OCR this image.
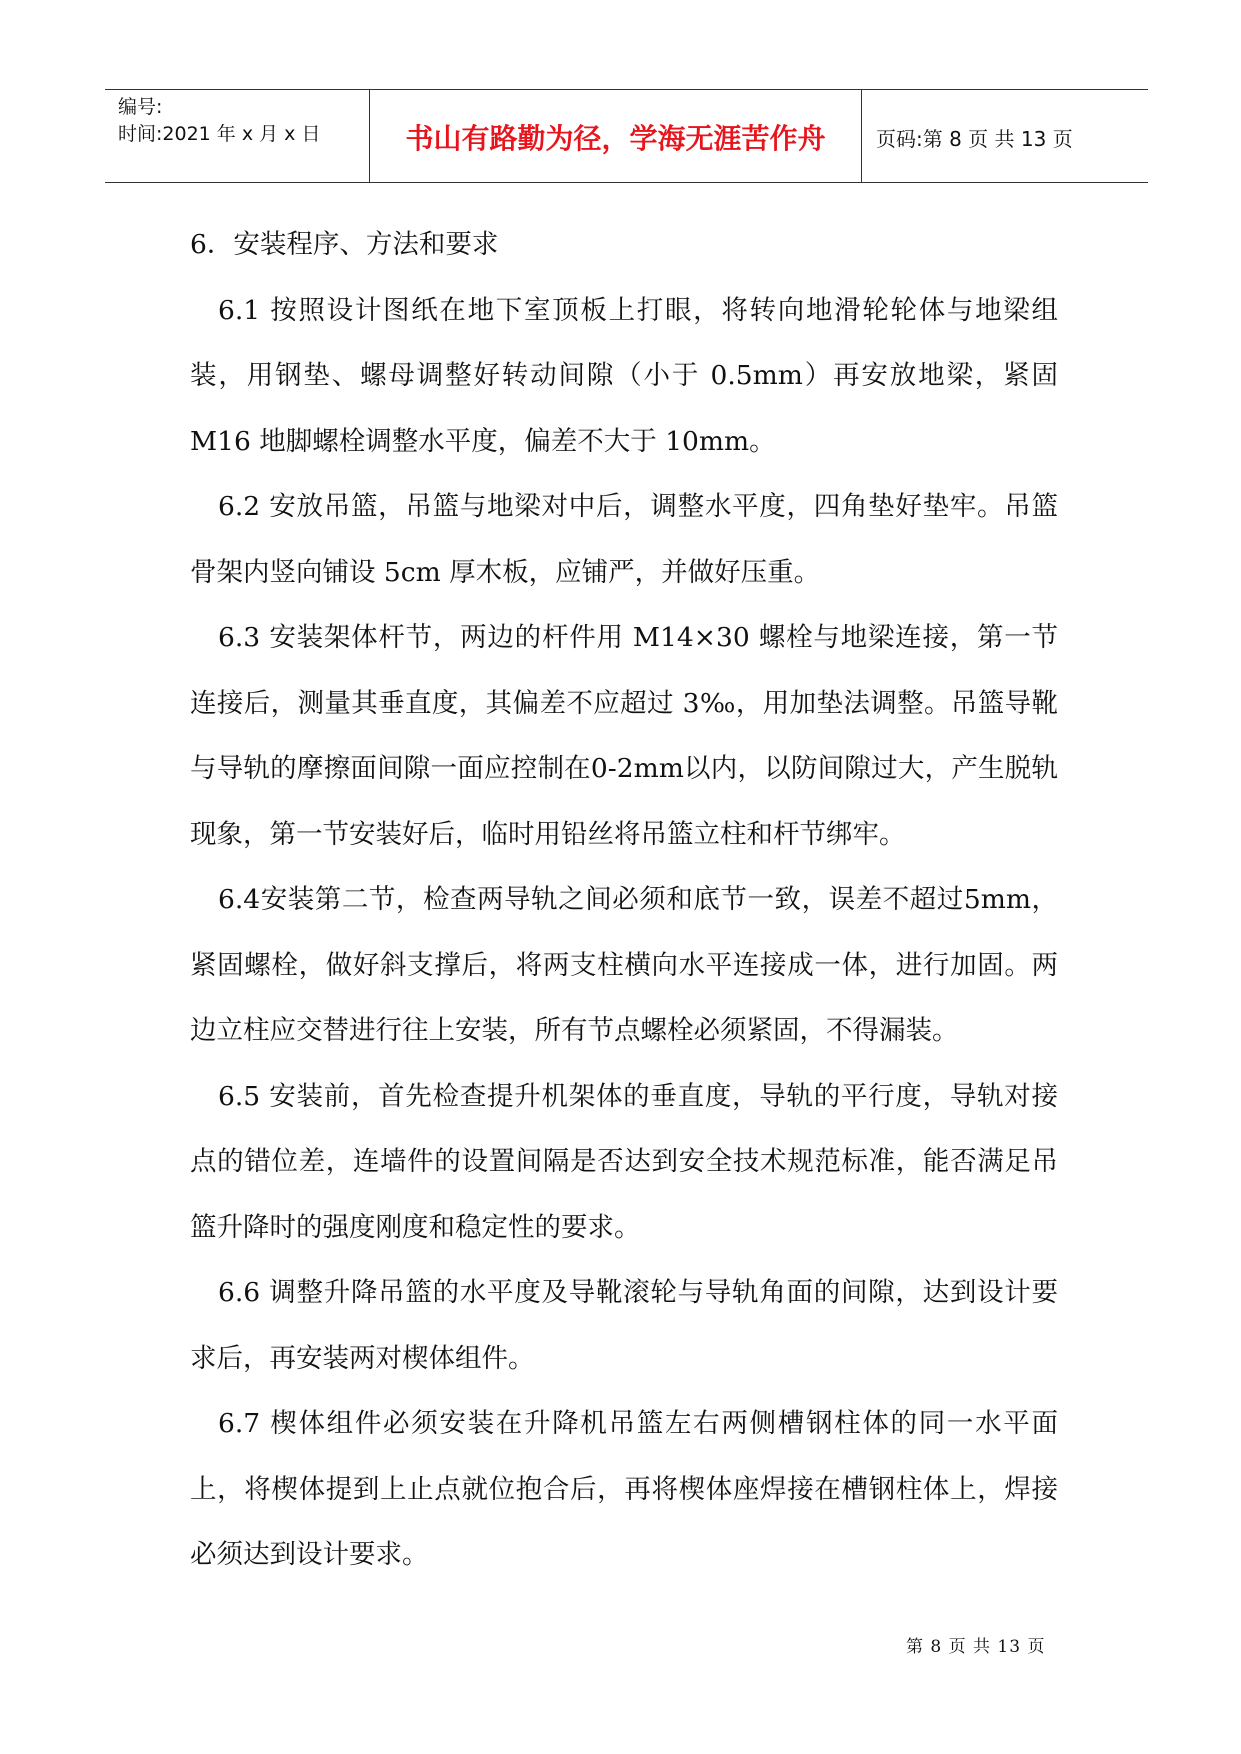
编号:
时间:2021 年 x 月 x 日	书山有路勤为径，学海无涯苦作舟	页码:第 8 页 共 13 页

6．安装程序、方法和要求

6.1 按照设计图纸在地下室顶板上打眼，将转向地滑轮轮体与地梁组装，用钢垫、螺母调整好转动间隙（小于 0.5mm）再安放地梁，紧固 M16 地脚螺栓调整水平度，偏差不大于 10mm。

6.2 安放吊篮，吊篮与地梁对中后，调整水平度，四角垫好垫牢。吊篮骨架内竖向铺设 5cm 厚木板，应铺严，并做好压重。

6.3 安装架体杆节，两边的杆件用 M14×30 螺栓与地梁连接，第一节连接后，测量其垂直度，其偏差不应超过 3‰，用加垫法调整。吊篮导靴与导轨的摩擦面间隙一面应控制在0-2mm以内，以防间隙过大，产生脱轨现象，第一节安装好后，临时用铅丝将吊篮立柱和杆节绑牢。

6.4安装第二节，检查两导轨之间必须和底节一致，误差不超过5mm，紧固螺栓，做好斜支撑后，将两支柱横向水平连接成一体，进行加固。两边立柱应交替进行往上安装，所有节点螺栓必须紧固，不得漏装。

6.5 安装前，首先检查提升机架体的垂直度，导轨的平行度，导轨对接点的错位差，连墙件的设置间隔是否达到安全技术规范标准，能否满足吊篮升降时的强度刚度和稳定性的要求。

6.6 调整升降吊篮的水平度及导靴滚轮与导轨角面的间隙，达到设计要求后，再安装两对楔体组件。

6.7 楔体组件必须安装在升降机吊篮左右两侧槽钢柱体的同一水平面上，将楔体提到上止点就位抱合后，再将楔体座焊接在槽钢柱体上，焊接必须达到设计要求。

第 8 页 共 13 页
